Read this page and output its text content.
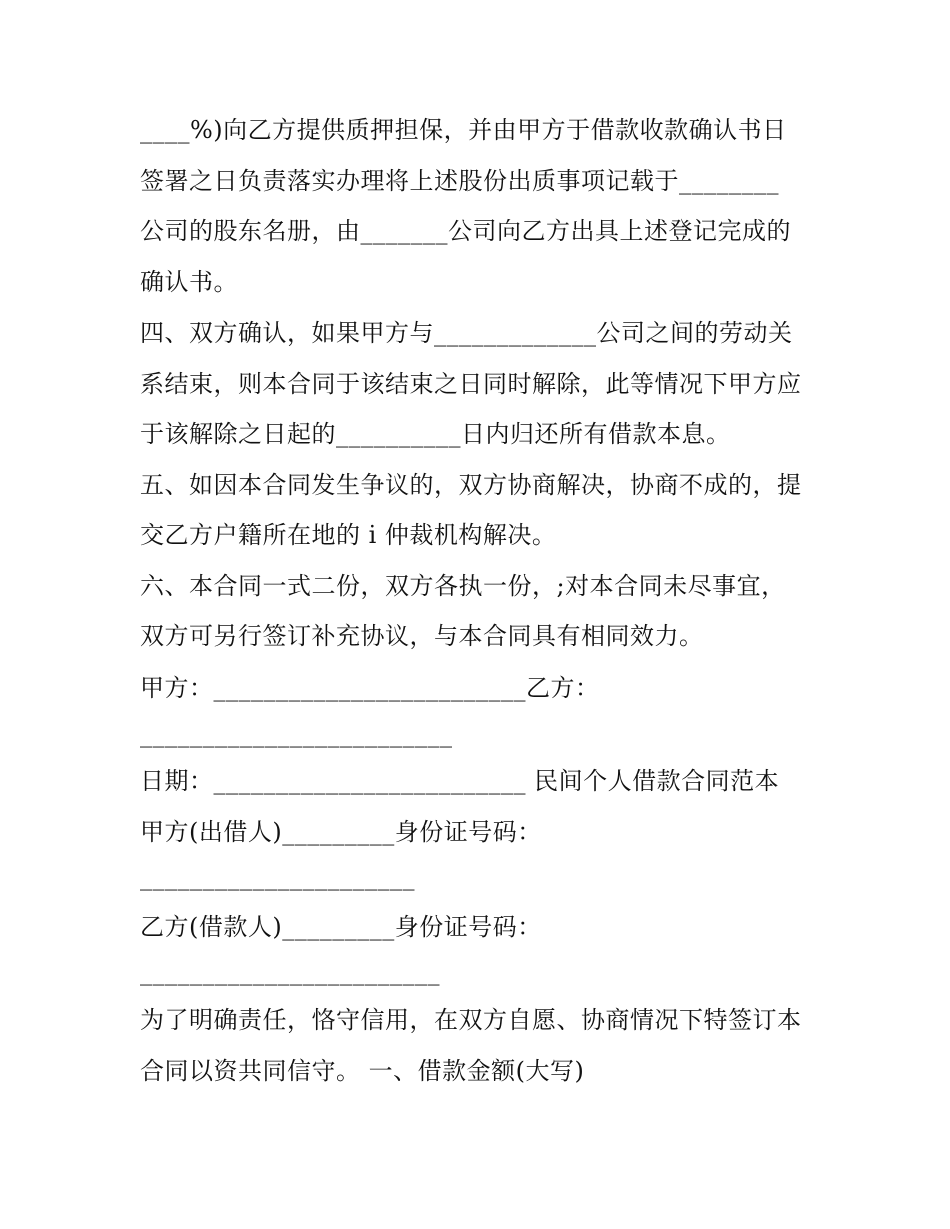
____%)向乙方提供质押担保，并由甲方于借款收款确认书日
签署之日负责落实办理将上述股份出质事项记载于________
公司的股东名册，由_______公司向乙方出具上述登记完成的
确认书。
四、双方确认，如果甲方与_____________公司之间的劳动关
系结束，则本合同于该结束之日同时解除，此等情况下甲方应
于该解除之日起的__________日内归还所有借款本息。
五、如因本合同发生争议的，双方协商解决，协商不成的，提
交乙方户籍所在地的 i 仲裁机构解决。
六、本合同一式二份，双方各执一份，;对本合同未尽事宜，
双方可另行签订补充协议，与本合同具有相同效力。
甲方：_________________________乙方：
_________________________
日期：_________________________ 民间个人借款合同范本
甲方(出借人)_________身份证号码：
______________________
乙方(借款人)_________身份证号码：
________________________
为了明确责任，恪守信用，在双方自愿、协商情况下特签订本
合同以资共同信守。 一、借款金额(大写)
